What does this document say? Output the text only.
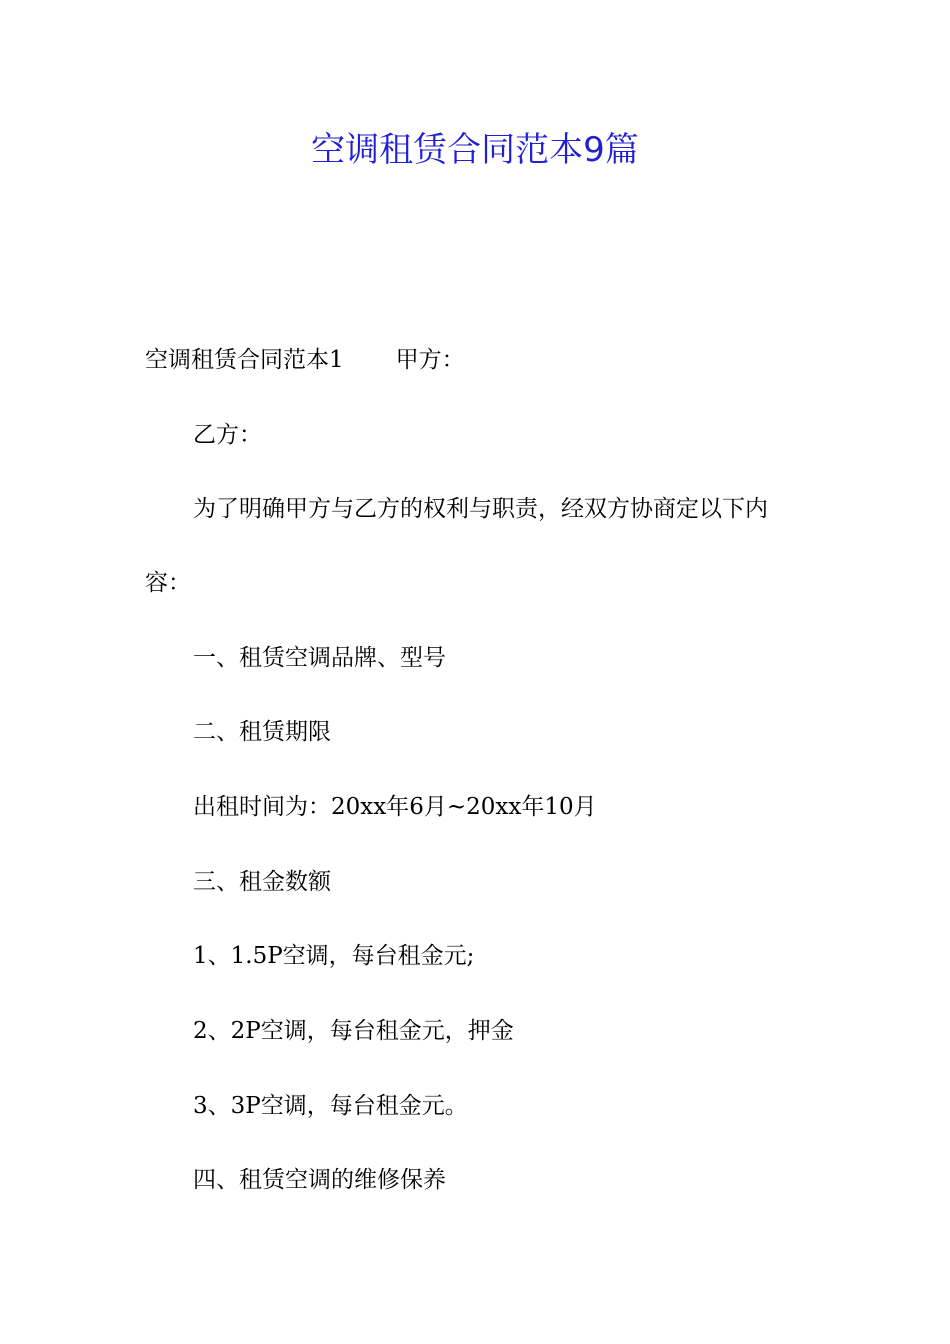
空调租赁合同范本9篇
空调租赁合同范本1 甲方：
乙方：
为了明确甲方与乙方的权利与职责，经双方协商定以下内
容：
一、租赁空调品牌、型号
二、租赁期限
出租时间为：20xx年6月~20xx年10月
三、租金数额
1、1.5P空调，每台租金元;
2、2P空调，每台租金元，押金
3、3P空调，每台租金元。
四、租赁空调的维修保养
